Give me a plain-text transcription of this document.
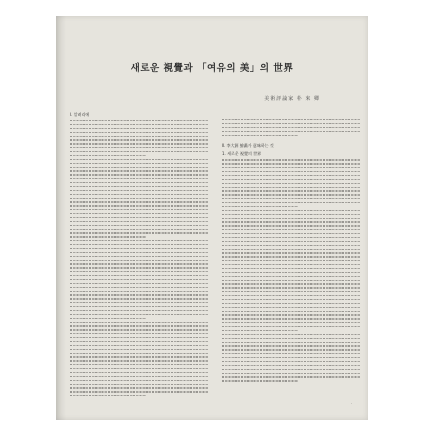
새로운 視覺과 「여유의 美」의 世界
美術評論家 朴 來 卿
Ⅰ. 알려리에
Ⅱ. 李大源 繪畵가 意味하는 것
1. 새로운 視覺의 世界
·
